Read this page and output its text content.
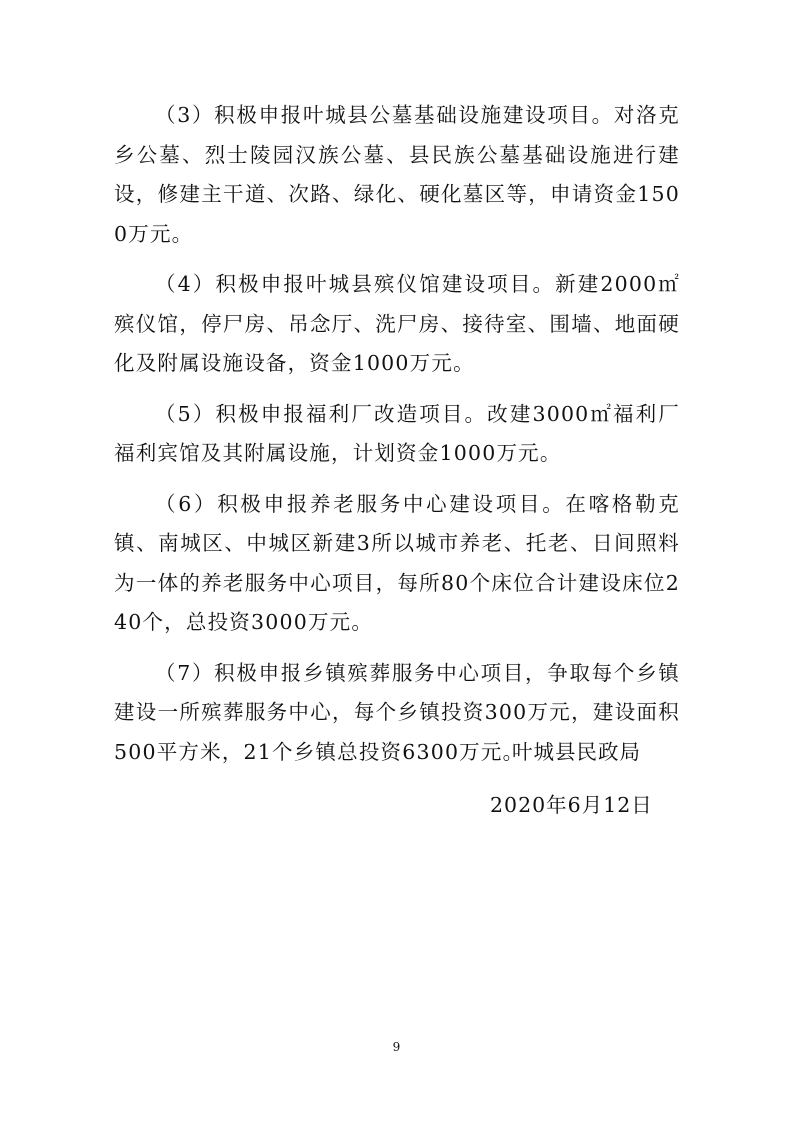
（3）积极申报叶城县公墓基础设施建设项目。对洛克乡公墓、烈士陵园汉族公墓、县民族公墓基础设施进行建设，修建主干道、次路、绿化、硬化墓区等，申请资金1500万元。

（4）积极申报叶城县殡仪馆建设项目。新建2000㎡殡仪馆，停尸房、吊念厅、洗尸房、接待室、围墙、地面硬化及附属设施设备，资金1000万元。

（5）积极申报福利厂改造项目。改建3000㎡福利厂福利宾馆及其附属设施，计划资金1000万元。

（6）积极申报养老服务中心建设项目。在喀格勒克镇、南城区、中城区新建3所以城市养老、托老、日间照料为一体的养老服务中心项目，每所80个床位合计建设床位240个，总投资3000万元。

（7）积极申报乡镇殡葬服务中心项目，争取每个乡镇建设一所殡葬服务中心，每个乡镇投资300万元，建设面积500平方米，21个乡镇总投资6300万元。

叶城县民政局
2020年6月12日
9
